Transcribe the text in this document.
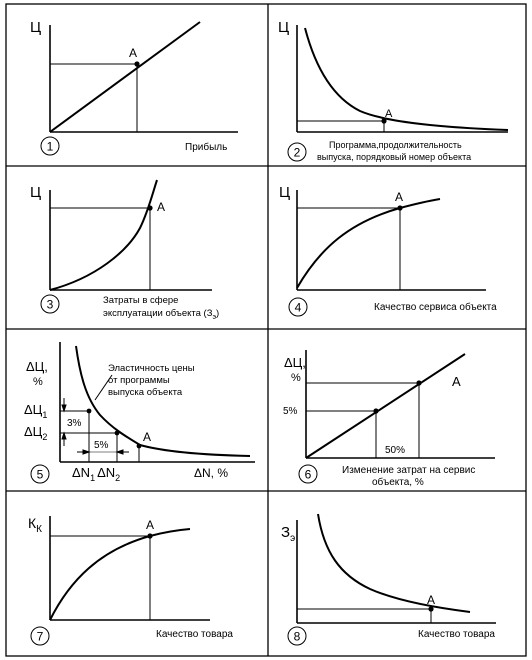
A
Ц
Прибыль
1
A
Ц
Программа,продолжительность
выпуска, порядковый номер объекта
2
A
Ц
Затраты в сфере
эксплуатации объекта $(З_э)$
3
A
Ц
Качество сервиса объекта
4
A
ΔЦ,
%
Эластичность цены
от программы
выпуска объекта
$\Delta Ц_1$
$\Delta Ц_2$
3%
5%
$\Delta N_1$ $\Delta N_2$	ΔN, %
5
A
ΔЦ,
%
5%
50%
Изменение затрат на сервис
объекта, %
6
A
$К_К$
Качество товара
7
A
$З_э$
Качество товара
8
